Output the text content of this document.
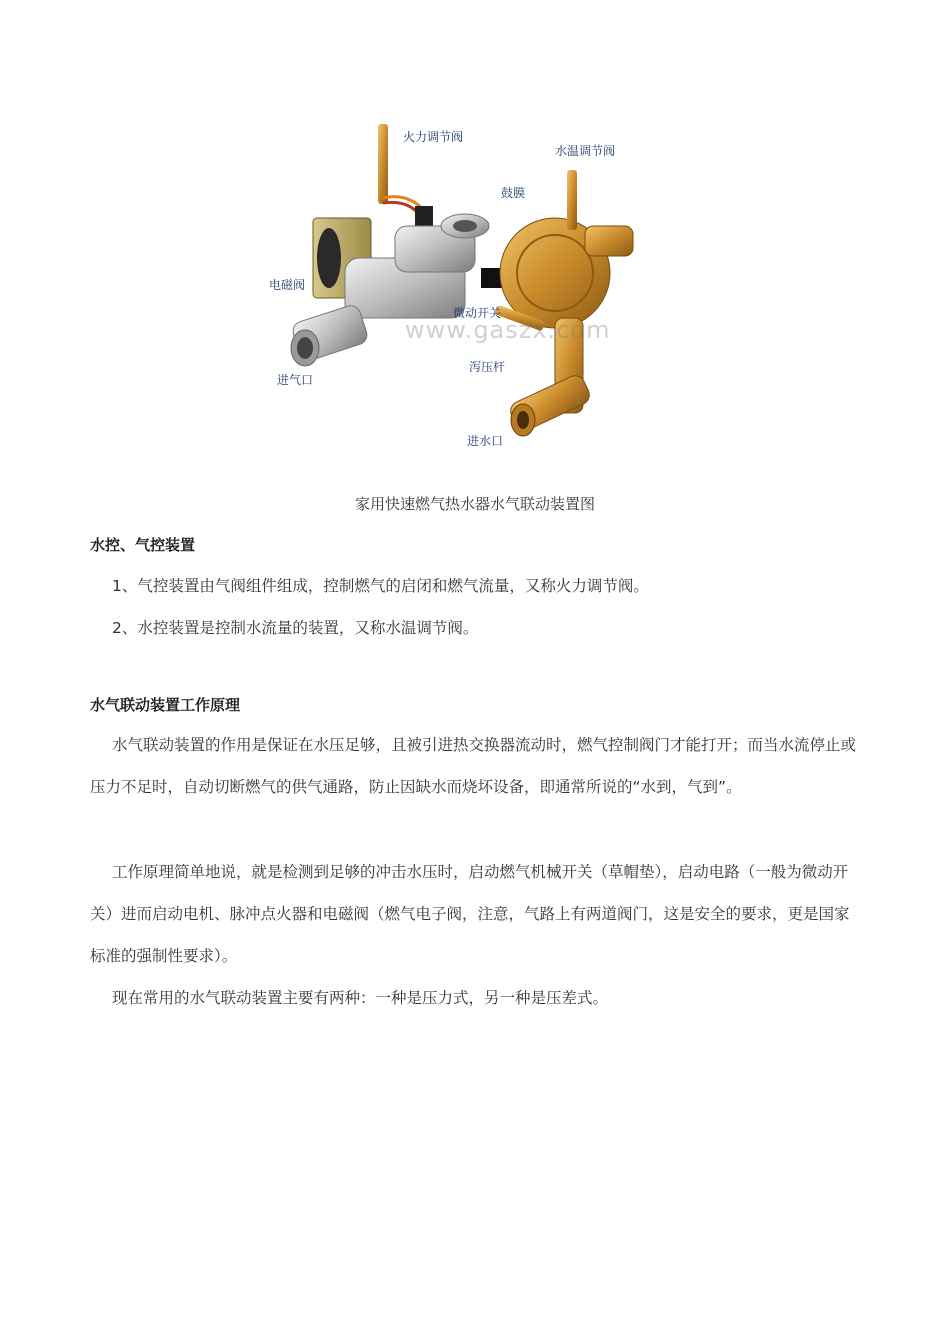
火力调节阀
水温调节阀
鼓膜
电磁阀
微动开关
泻压杆
进气口
进水口
www.gaszx.com
家用快速燃气热水器水气联动装置图
水控、气控装置
1、气控装置由气阀组件组成，控制燃气的启闭和燃气流量，又称火力调节阀。
2、水控装置是控制水流量的装置，又称水温调节阀。
水气联动装置工作原理
水气联动装置的作用是保证在水压足够，且被引进热交换器流动时，燃气控制阀门才能打开；而当水流停止或压力不足时，自动切断燃气的供气通路，防止因缺水而烧坏设备，即通常所说的“水到，气到”。
工作原理简单地说，就是检测到足够的冲击水压时，启动燃气机械开关（草帽垫），启动电路（一般为微动开关）进而启动电机、脉冲点火器和电磁阀（燃气电子阀，注意，气路上有两道阀门，这是安全的要求，更是国家标准的强制性要求）。
现在常用的水气联动装置主要有两种：一种是压力式，另一种是压差式。
